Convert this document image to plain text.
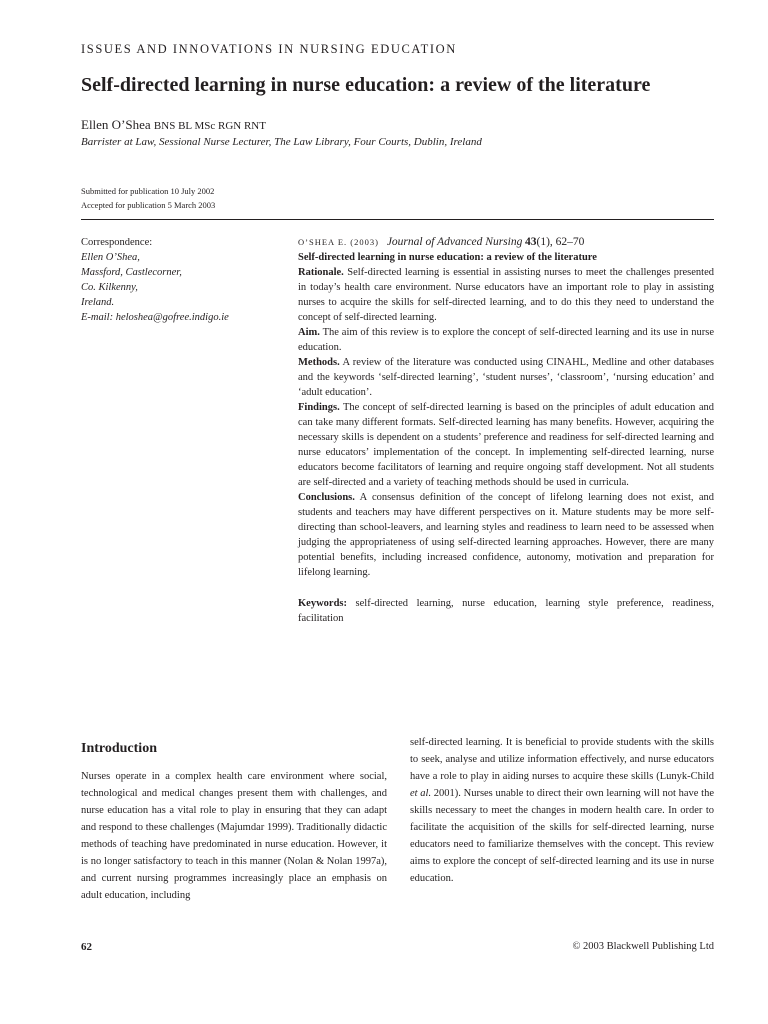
ISSUES AND INNOVATIONS IN NURSING EDUCATION
Self-directed learning in nurse education: a review of the literature
Ellen O’Shea BNS BL MSc RGN RNT
Barrister at Law, Sessional Nurse Lecturer, The Law Library, Four Courts, Dublin, Ireland
Submitted for publication 10 July 2002
Accepted for publication 5 March 2003
Correspondence:
Ellen O’Shea,
Massford, Castlecorner,
Co. Kilkenny,
Ireland.
E-mail: heloshea@gofree.indigo.ie

O’SHEA E. (2003) Journal of Advanced Nursing 43(1), 62–70

Self-directed learning in nurse education: a review of the literature

Rationale. Self-directed learning is essential in assisting nurses to meet the challenges presented in today’s health care environment. Nurse educators have an important role to play in assisting nurses to acquire the skills for self-directed learning, and to do this they need to understand the concept of self-directed learning.

Aim. The aim of this review is to explore the concept of self-directed learning and its use in nurse education.

Methods. A review of the literature was conducted using CINAHL, Medline and other databases and the keywords ‘self-directed learning’, ‘student nurses’, ‘classroom’, ‘nursing education’ and ‘adult education’.

Findings. The concept of self-directed learning is based on the principles of adult education and can take many different formats. Self-directed learning has many benefits. However, acquiring the necessary skills is dependent on a students’ preference and readiness for self-directed learning and nurse educators’ implementation of the concept. In implementing self-directed learning, nurse educators become facilitators of learning and require ongoing staff development. Not all students are self-directed and a variety of teaching methods should be used in curricula.

Conclusions. A consensus definition of the concept of lifelong learning does not exist, and students and teachers may have different perspectives on it. Mature students may be more self-directing than school-leavers, and learning styles and readiness to learn need to be assessed when judging the appropriateness of using self-directed learning approaches. However, there are many potential benefits, including increased confidence, autonomy, motivation and preparation for lifelong learning.

Keywords: self-directed learning, nurse education, learning style preference, readiness, facilitation

Introduction

Nurses operate in a complex health care environment where social, technological and medical changes present them with challenges, and nurse education has a vital role to play in ensuring that they can adapt and respond to these challenges (Majumdar 1999). Traditionally didactic methods of teaching have predominated in nurse education. However, it is no longer satisfactory to teach in this manner (Nolan & Nolan 1997a), and current nursing programmes increasingly place an emphasis on adult education, including

self-directed learning. It is beneficial to provide students with the skills to seek, analyse and utilize information effectively, and nurse educators have a role to play in aiding nurses to acquire these skills (Lunyk-Child et al. 2001). Nurses unable to direct their own learning will not have the skills necessary to meet the changes in modern health care. In order to facilitate the acquisition of the skills for self-directed learning, nurse educators need to familiarize themselves with the concept. This review aims to explore the concept of self-directed learning and its use in nurse education.

62	© 2003 Blackwell Publishing Ltd
